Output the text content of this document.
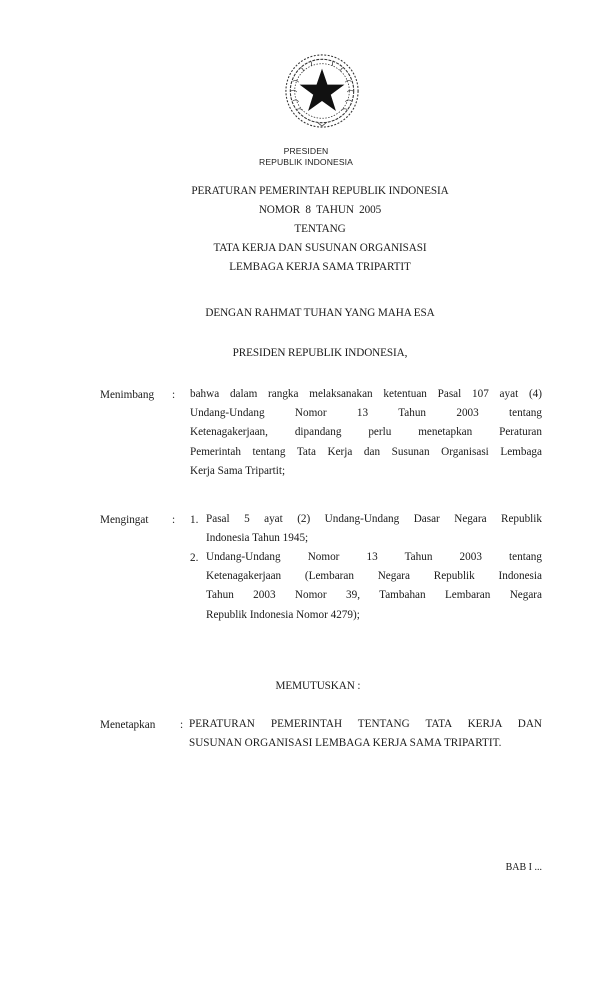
PRESIDEN
REPUBLIK INDONESIA
PERATURAN PEMERINTAH REPUBLIK INDONESIA
NOMOR  8  TAHUN  2005
TENTANG
TATA KERJA DAN SUSUNAN ORGANISASI
LEMBAGA KERJA SAMA TRIPARTIT
DENGAN RAHMAT TUHAN YANG MAHA ESA
PRESIDEN REPUBLIK INDONESIA,
Menimbang : bahwa dalam rangka melaksanakan ketentuan Pasal 107 ayat (4)
Undang-Undang Nomor 13 Tahun 2003 tentang
Ketenagakerjaan, dipandang perlu menetapkan Peraturan
Pemerintah tentang Tata Kerja dan Susunan Organisasi Lembaga
Kerja Sama Tripartit;
Mengingat : 1. Pasal 5 ayat (2) Undang-Undang Dasar Negara Republik
Indonesia Tahun 1945;
2. Undang-Undang Nomor 13 Tahun 2003 tentang
Ketenagakerjaan (Lembaran Negara Republik Indonesia
Tahun 2003 Nomor 39, Tambahan Lembaran Negara
Republik Indonesia Nomor 4279);
MEMUTUSKAN :
Menetapkan : PERATURAN PEMERINTAH TENTANG TATA KERJA DAN
SUSUNAN ORGANISASI LEMBAGA KERJA SAMA TRIPARTIT.
BAB I ...
